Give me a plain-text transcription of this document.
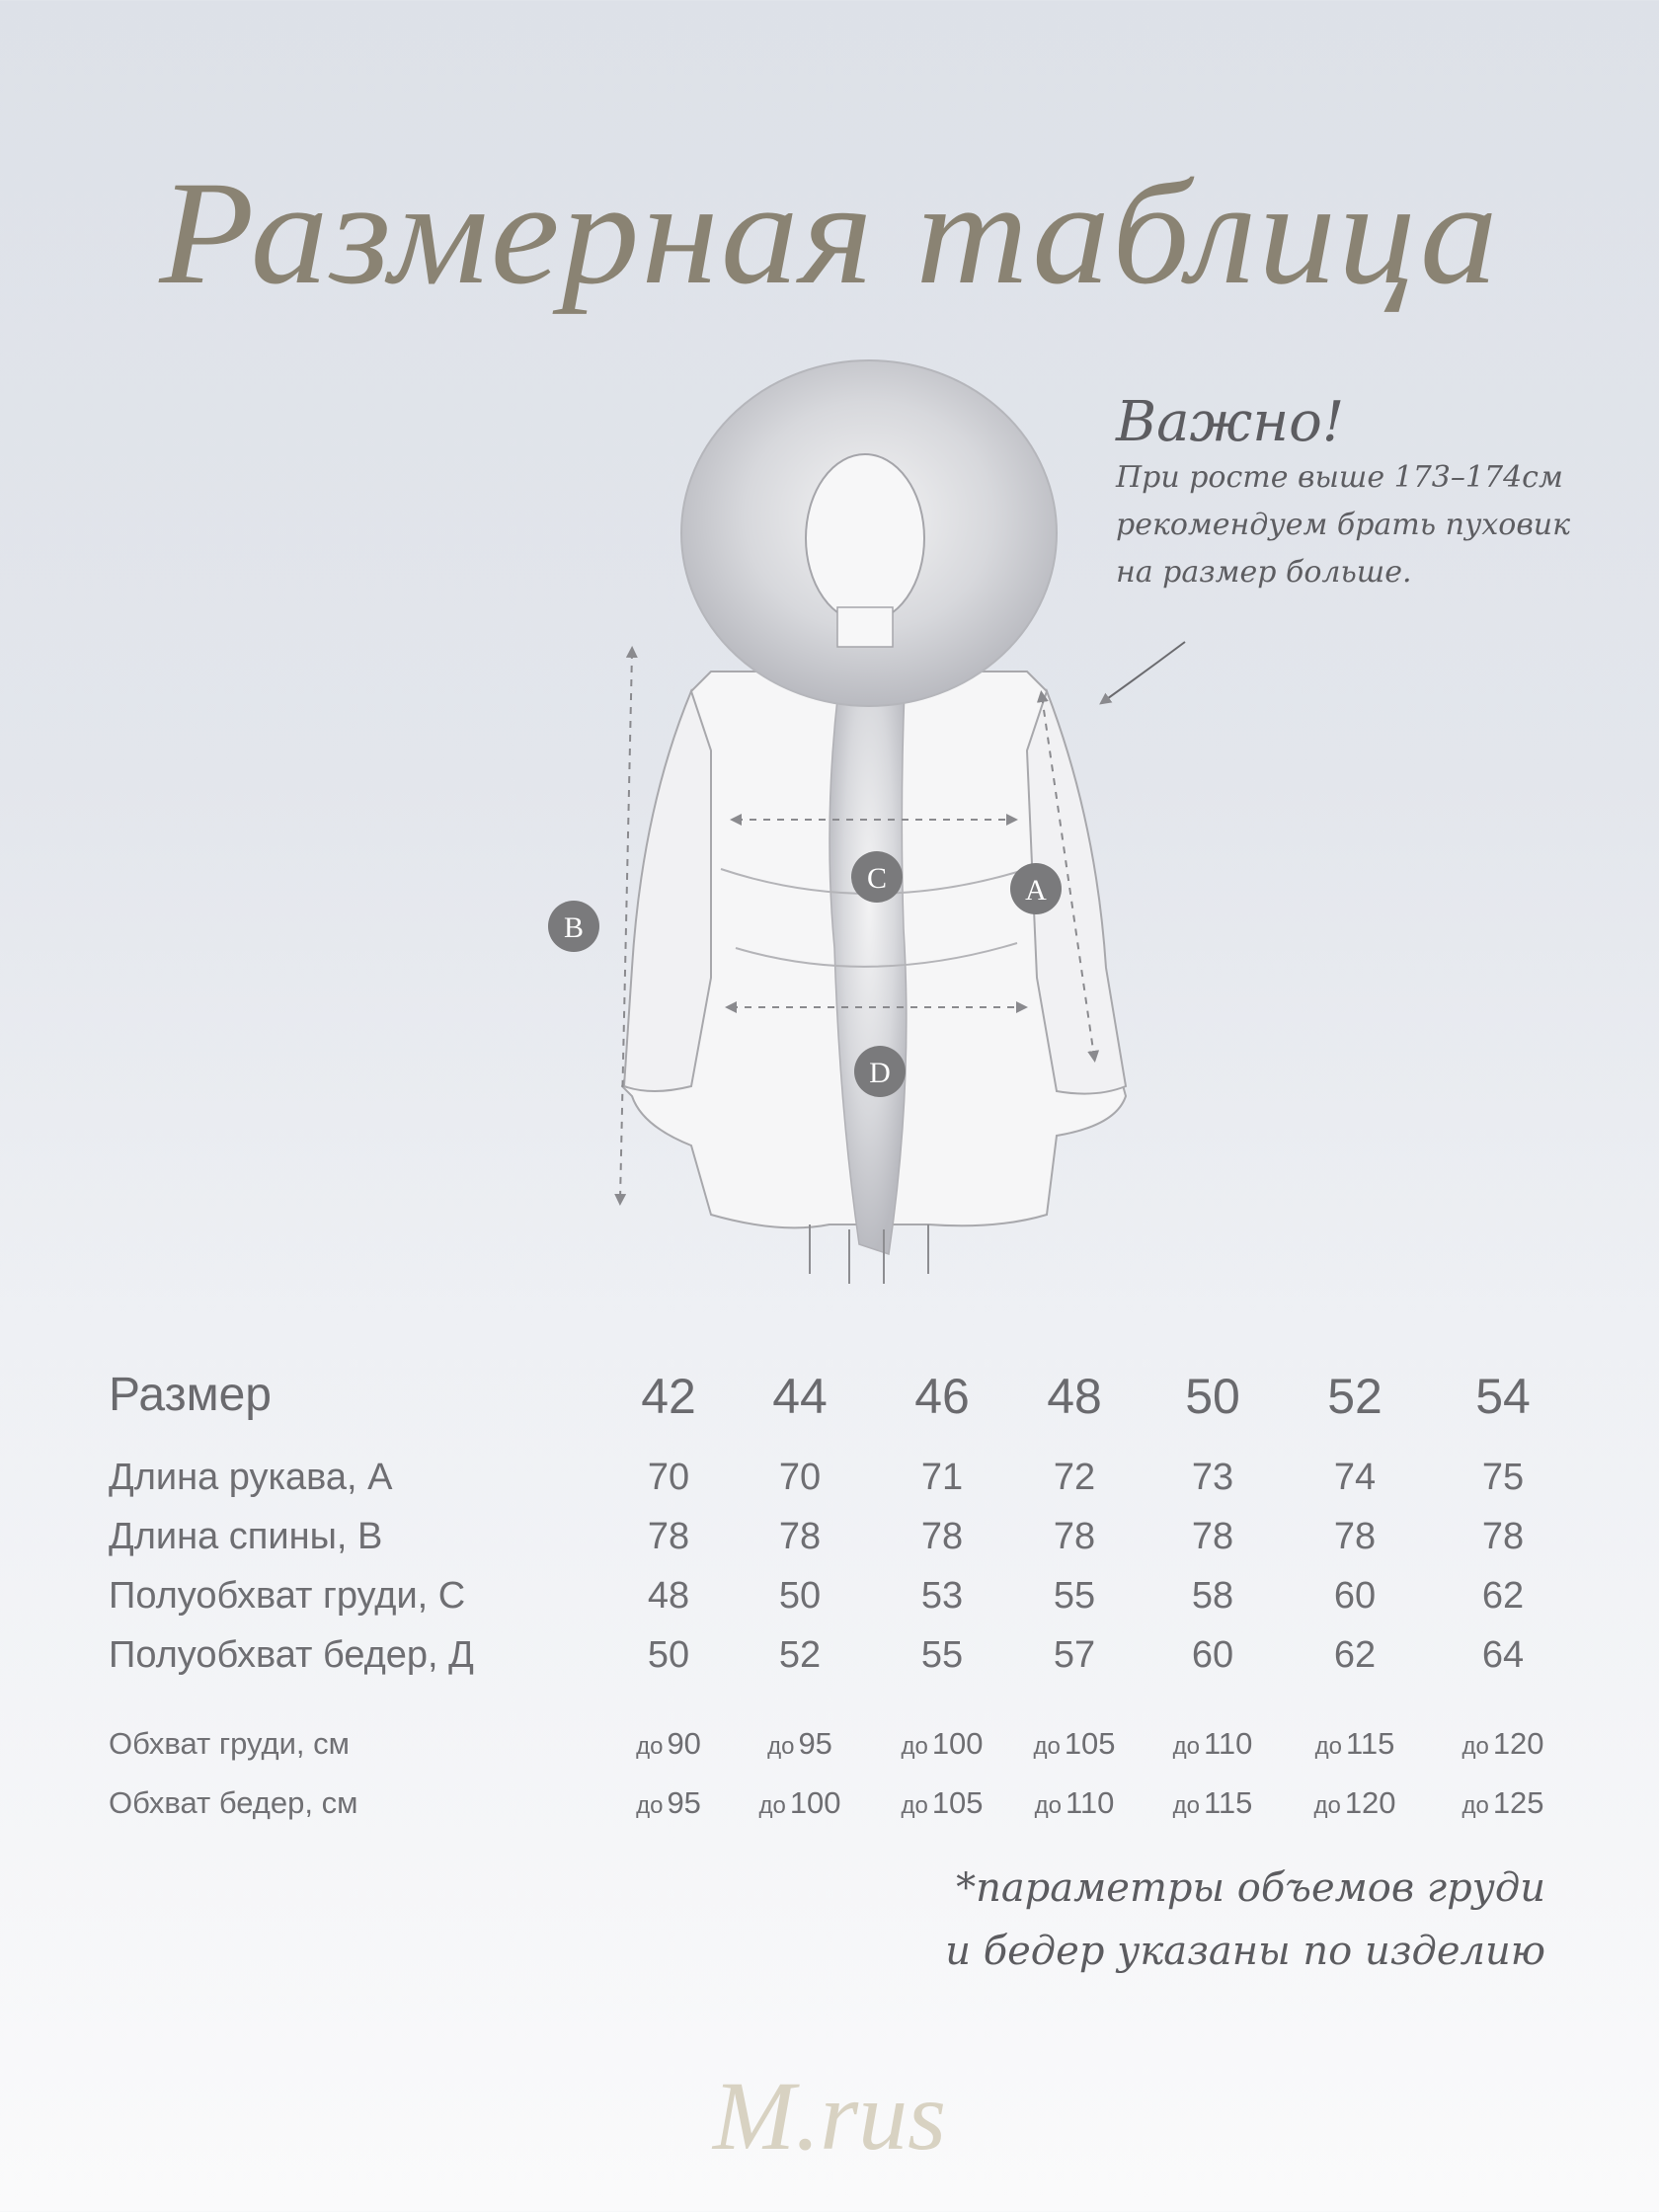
Размерная таблица
Важно!
При росте выше 173–174см
рекомендуем брать пуховик
на размер больше.
B
A
C
D
Размер	42	44	46	48	50	52	54
Длина рукава, А	70	70	71	72	73	74	75
Длина спины, В	78	78	78	78	78	78	78
Полуобхват груди, С	48	50	53	55	58	60	62
Полуобхват бедер, Д	50	52	55	57	60	62	64
Обхват груди, см	до 90	до 95	до 100	до 105	до 110	до 115	до 120
Обхват бедер, см	до 95	до 100	до 105	до 110	до 115	до 120	до 125
*параметры объемов груди
и бедер указаны по изделию
M.rus
